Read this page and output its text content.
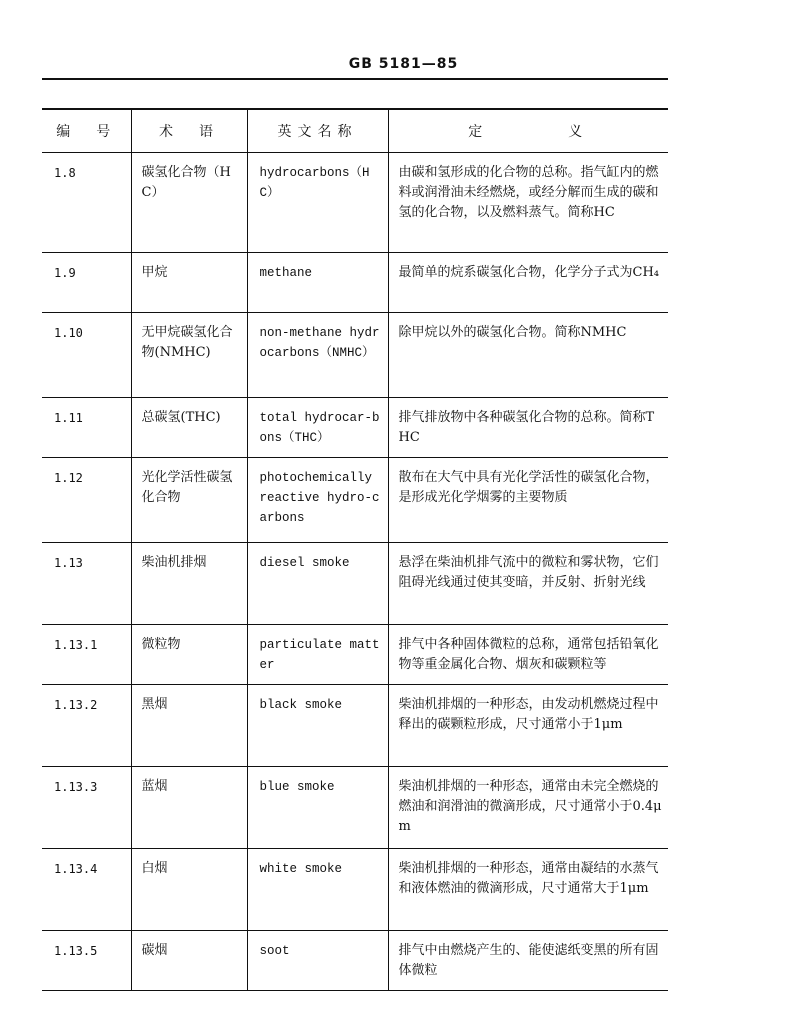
GB 5181—85
编　号	术　语	英文名称	定　　　　义
1.8	碳氢化合物（HC）	hydrocarbons（HC）	由碳和氢形成的化合物的总称。指气缸内的燃料或润滑油未经燃烧，或经分解而生成的碳和氢的化合物，以及燃料蒸气。简称HC
1.9	甲烷	methane	最简单的烷系碳氢化合物，化学分子式为CH₄
1.10	无甲烷碳氢化合物(NMHC)	non-methane hydrocarbons（NMHC）	除甲烷以外的碳氢化合物。简称NMHC
1.11	总碳氢(THC)	total hydrocar-bons（THC）	排气排放物中各种碳氢化合物的总称。简称THC
1.12	光化学活性碳氢化合物	photochemically reactive hydro-carbons	散布在大气中具有光化学活性的碳氢化合物，是形成光化学烟雾的主要物质
1.13	柴油机排烟	diesel smoke	悬浮在柴油机排气流中的微粒和雾状物，它们阻碍光线通过使其变暗，并反射、折射光线
1.13.1	微粒物	particulate matter	排气中各种固体微粒的总称，通常包括铅氧化物等重金属化合物、烟灰和碳颗粒等
1.13.2	黑烟	black smoke	柴油机排烟的一种形态，由发动机燃烧过程中释出的碳颗粒形成，尺寸通常小于1μm
1.13.3	蓝烟	blue smoke	柴油机排烟的一种形态，通常由未完全燃烧的燃油和润滑油的微滴形成，尺寸通常小于0.4μm
1.13.4	白烟	white smoke	柴油机排烟的一种形态，通常由凝结的水蒸气和液体燃油的微滴形成，尺寸通常大于1μm
1.13.5	碳烟	soot	排气中由燃烧产生的、能使滤纸变黑的所有固体微粒
